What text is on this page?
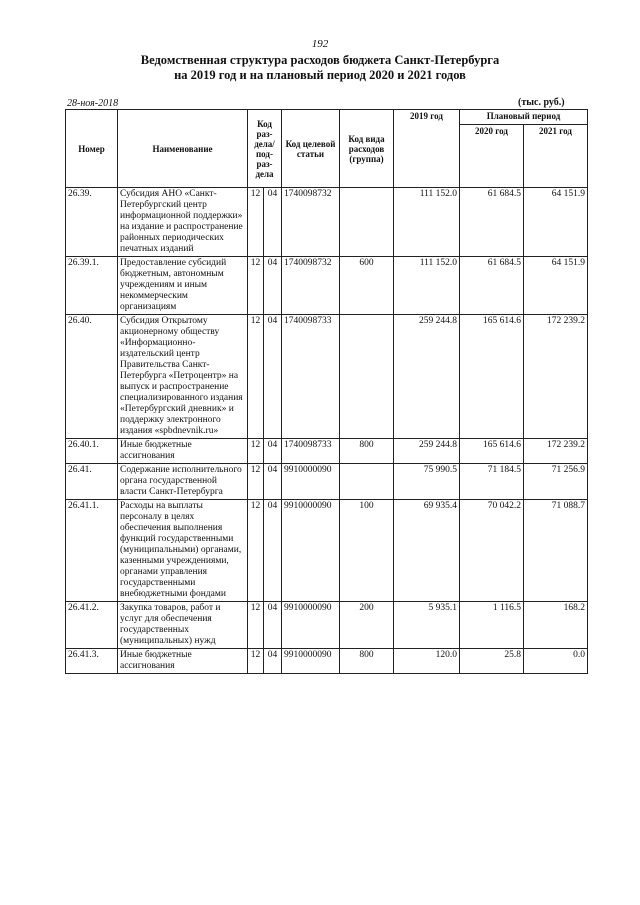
192
Ведомственная структура расходов бюджета Санкт-Петербурга
на 2019 год и на плановый период 2020 и 2021 годов
28-ноя-2018	(тыс. руб.)
Номер	Наименование	Код раз-дела/ под-раз-дела		Код целевой статьи	Код вида расходов (группа)	2019 год	Плановый период	
							2020 год	2021 год
26.39.	Субсидия АНО «Санкт-Петербургский центр информационной поддержки» на издание и распространение районных периодических печатных изданий	12	04	1740098732		111 152.0	61 684.5	64 151.9
26.39.1.	Предоставление субсидий бюджетным, автономным учреждениям и иным некоммерческим организациям	12	04	1740098732	600	111 152.0	61 684.5	64 151.9
26.40.	Субсидия Открытому акционерному обществу «Информационно-издательский центр Правительства Санкт-Петербурга «Петроцентр» на выпуск и распространение специализированного издания «Петербургский дневник» и поддержку электронного издания «spbdnevnik.ru»	12	04	1740098733		259 244.8	165 614.6	172 239.2
26.40.1.	Иные бюджетные ассигнования	12	04	1740098733	800	259 244.8	165 614.6	172 239.2
26.41.	Содержание исполнительного органа государственной власти Санкт-Петербурга	12	04	9910000090		75 990.5	71 184.5	71 256.9
26.41.1.	Расходы на выплаты персоналу в целях обеспечения выполнения функций государственными (муниципальными) органами, казенными учреждениями, органами управления государственными внебюджетными фондами	12	04	9910000090	100	69 935.4	70 042.2	71 088.7
26.41.2.	Закупка товаров, работ и услуг для обеспечения государственных (муниципальных) нужд	12	04	9910000090	200	5 935.1	1 116.5	168.2
26.41.3.	Иные бюджетные ассигнования	12	04	9910000090	800	120.0	25.8	0.0
